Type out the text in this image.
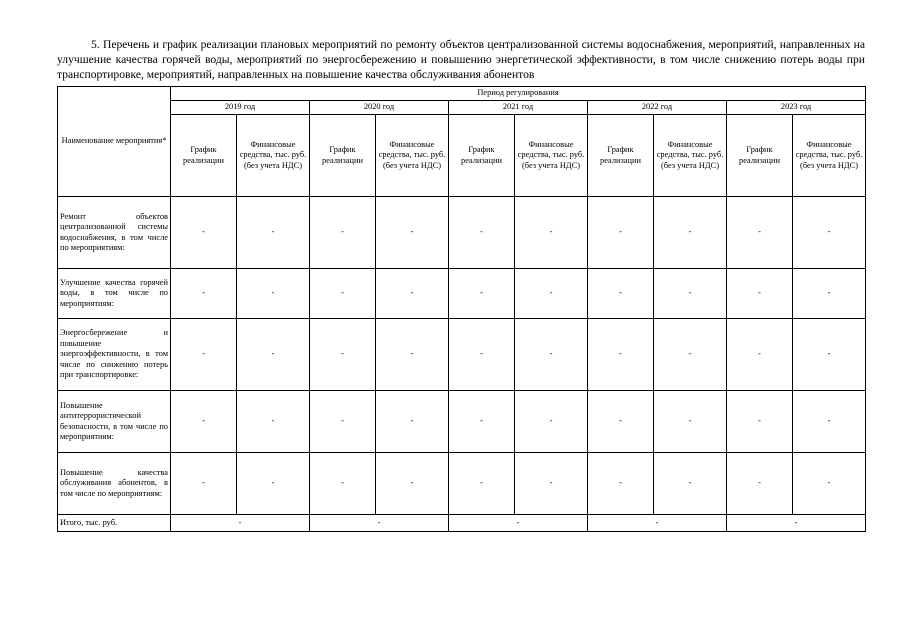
5. Перечень и график реализации плановых мероприятий по ремонту объектов централизованной системы водоснабжения, мероприятий, направленных на улучшение качества горячей воды, мероприятий по энергосбережению и повышению энергетической эффективности, в том числе снижению потерь воды при транспортировке, мероприятий, направленных на повышение качества обслуживания абонентов
Наименование мероприятия*	Период регулирования									
	2019 год		2020 год		2021 год		2022 год		2023 год	
	График реализации	Финансовые средства, тыс. руб. (без учета НДС)	График реализации	Финансовые средства, тыс. руб. (без учета НДС)	График реализации	Финансовые средства, тыс. руб. (без учета НДС)	График реализации	Финансовые средства, тыс. руб. (без учета НДС)	График реализации	Финансовые средства, тыс. руб. (без учета НДС)
Ремонт объектов централизованной системы водоснабжения, в том числе по мероприятиям:	-	-	-	-	-	-	-	-	-	-
Улучшение качества горячей воды, в том числе по мероприятиям:	-	-	-	-	-	-	-	-	-	-
Энергосбережение и повышение энергоэффективности, в том числе по снижению потерь при транспортировке:	-	-	-	-	-	-	-	-	-	-
Повышение антитеррористической безопасности, в том числе по мероприятиям:	-	-	-	-	-	-	-	-	-	-
Повышение качества обслуживания абонентов, в том числе по мероприятиям:	-	-	-	-	-	-	-	-	-	-
Итого, тыс. руб.	-		-		-		-		-	
